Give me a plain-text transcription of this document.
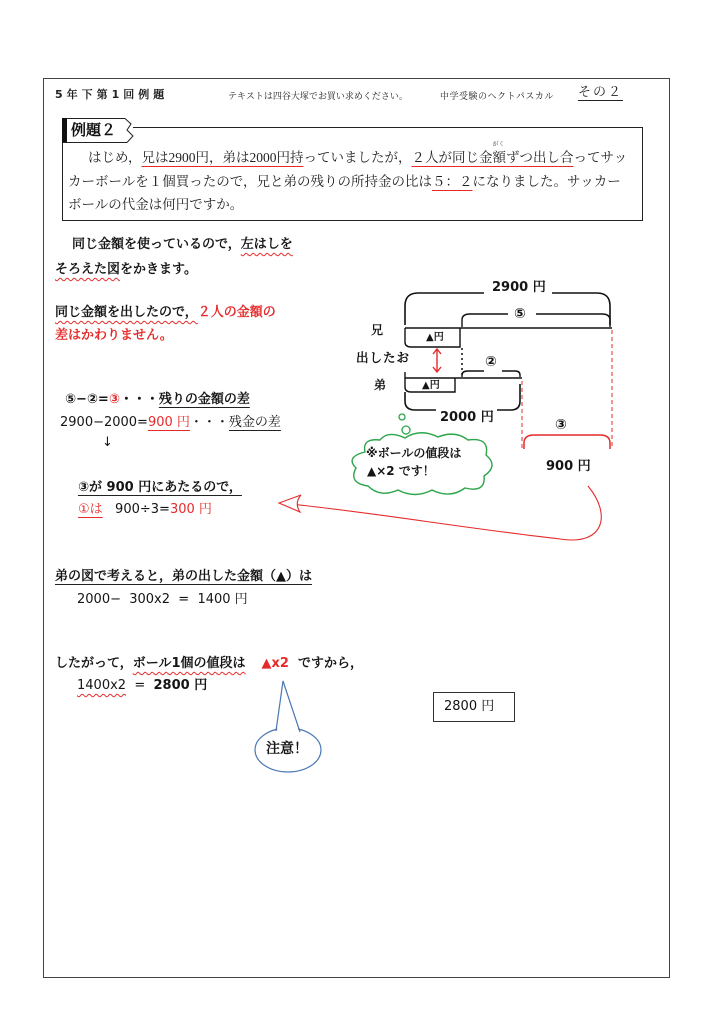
5年下第1回例題	テキストは四谷大塚でお買い求めください。	中学受験のヘクトパスカル その２
例題２
はじめ，兄は2900円，弟は2000円持っていましたが，２人が同じ金額
がく
ずつ出し合ってサッ
カーボールを１個買ったので，兄と弟の残りの所持金の比は５：２になりました。サッカー
ボールの代金は何円ですか。
同じ金額を使っているので，左はしを
そろえた図をかきます。
同じ金額を出したので，２人の金額の
差はかわりません。
2900 円
兄
⑤
▲円
出したお	②
弟	▲円
2000 円	③
900 円
※ボールの値段は
▲×2 です！
⑤−②=③・・・残りの金額の差
2900−2000=900 円・・・残金の差
↓
③が 900 円にあたるので，
①は   900÷3=300 円
弟の図で考えると，弟の出した金額（▲）は
2000−  300x2  =  1400 円
したがって，ボール1個の値段は ▲x2  ですから，
1400x2  =  2800 円
2800 円
注意！
